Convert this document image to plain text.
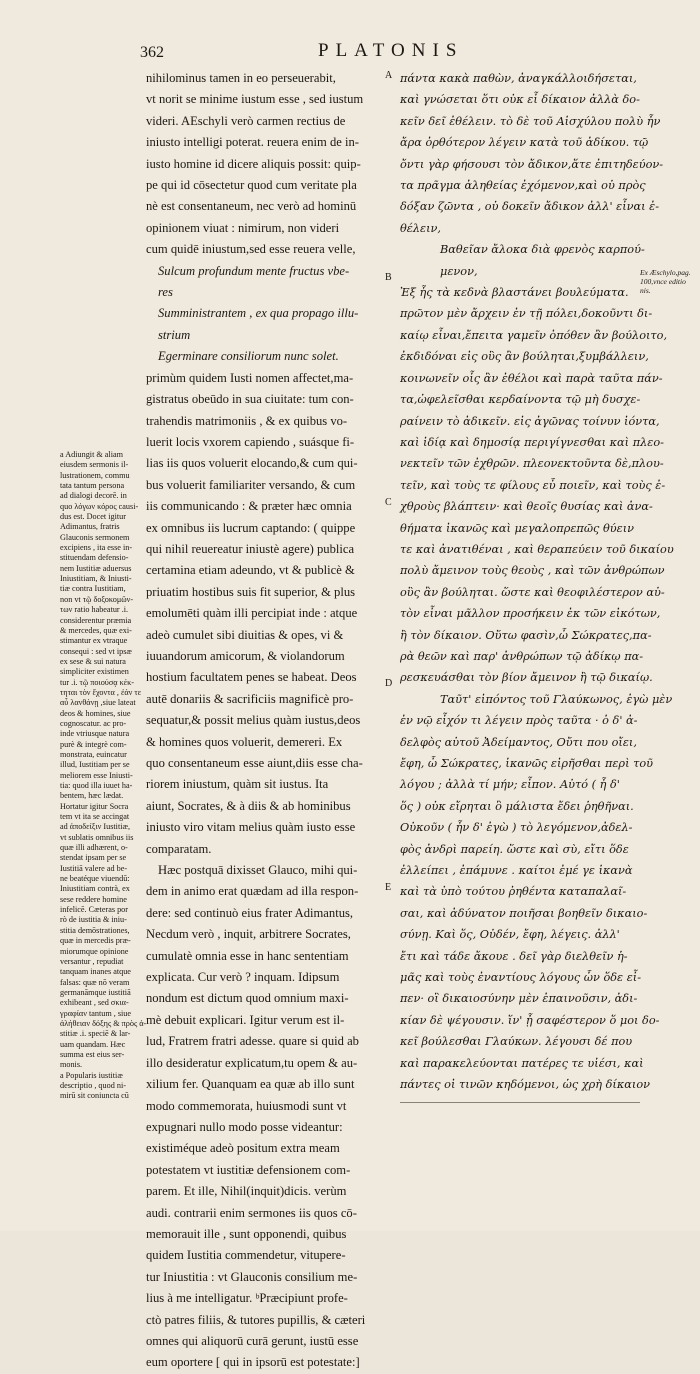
362	PLATONIS
A
B
C
D
E
a Adiungit & aliam
eiusdem sermonis il-
lustrationem, commu
tata tantum persona
ad dialogi decorē. in
quo λόγων κόρος causi-
dus est. Docet igitur
Adimantus, fratris
Glauconis sermonem
excipiens , ita esse in-
stituendam defensio-
nem Iustitiæ aduersus
Iniustitiam, & Iniusti-
tiæ contra Iustitiam,
non vt τῷ δοξοκομῶν-
των ratio habeatur .i.
considerentur præmia
& mercedes, quæ exi-
stimantur ex vtraque
consequi : sed vt ipsæ
ex sese & sui natura
simpliciter existimen
tur .i. τῷ ποιούσᾳ κέκ-
τηται τὸν ἔχοντα , ἐάν τε
αὖ λανθάνῃ ,siue lateat
deos & homines, siue
cognoscatur. ac pro-
inde vtriusque natura
purè & integrè com-
monstrata, euincatur
illud, Iustitiam per se
meliorem esse Iniusti-
tia: quod illa iuuet ha-
bentem, hæc lædat.
Hortatur igitur Socra
tem vt ita se accingat
ad ἀποδείξιν Iustitiæ,
vt sublatis omnibus iis
quæ illi adhærent, o-
stendat ipsam per se
Iustitiā valere ad be-
ne beatéque viuendū:
Iniustitiam contrà, ex
sese reddere homine
infelicē. Cæteras por
rò de iustitia & iniu-
stitia demōstrationes,
quæ in mercedis præ-
miorumque opinione
versantur , repudiat
tanquam inanes atque
falsas: quæ nō veram
germanāmque iustitiā
exhibeant , sed σκια-
γραφίαν tantum , siue
ἀλήθειαν δόξης & πρὸς ἀ-
stitiæ .i. speciē & lar-
uam quandam. Hæc
summa est eius ser-
monis.
a Popularis iustitiæ
descriptio , quod ni-
mirū sit coniuncta cū
nihilominus tamen in eo perseuerabit,
vt norit se minime iustum esse , sed iustum
videri. AEschyli verò carmen rectius de
iniusto intelligi poterat. reuera enim de in-
iusto homine id dicere aliquis possit: quip-
pe qui id cōsectetur quod cum veritate pla
nè est consentaneum, nec verò ad hominū
opinionem viuat : nimirum, non videri
cum quidē iniustum,sed esse reuera velle,
Sulcum profundum mente fructus vbe-
res
Sumministrantem , ex qua propago illu-
strium
Egerminare consiliorum nunc solet.
primùm quidem Iusti nomen affectet,ma-
gistratus obeūdo in sua ciuitate: tum con-
trahendis matrimoniis , & ex quibus vo-
luerit locis vxorem capiendo , suásque fi-
lias iis quos voluerit elocando,& cum qui-
bus voluerit familiariter versando, & cum
iis communicando : & præter hæc omnia
ex omnibus iis lucrum captando: ( quippe
qui nihil reuereatur iniustè agere) publica
certamina etiam adeundo, vt & publicè &
priuatim hostibus suis fit superior, & plus
emolumēti quàm illi percipiat inde : atque
adeò cumulet sibi diuitias & opes, vi &
iuuandorum amicorum, & violandorum
hostium facultatem penes se habeat. Deos
autē donariis & sacrificiis magnificè pro-
sequatur,& possit melius quàm iustus,deos
& homines quos voluerit, demereri. Ex
quo consentaneum esse aiunt,diis esse cha-
riorem iniustum, quàm sit iustus. Ita
aiunt, Socrates, & à diis & ab hominibus
iniusto viro vitam melius quàm iusto esse
comparatam.
Hæc postquā dixisset Glauco, mihi qui-
dem in animo erat quædam ad illa respon-
dere: sed continuò eius frater Adimantus,
Necdum verò , inquit, arbitrere Socrates,
cumulatè omnia esse in hanc sententiam
explicata. Cur verò ? inquam. Idipsum
nondum est dictum quod omnium maxi-
mè debuit explicari. Igitur verum est il-
lud, Fratrem fratri adesse. quare si quid ab
illo desideratur explicatum,tu opem & au-
xilium fer. Quanquam ea quæ ab illo sunt
modo commemorata, huiusmodi sunt vt
expugnari nullo modo posse videantur:
existiméque adeò positum extra meam
potestatem vt iustitiæ defensionem com-
parem. Et ille, Nihil(inquit)dicis. verùm
audi. contrarii enim sermones iis quos cō-
memorauit ille , sunt opponendi, quibus
quidem Iustitia commendetur, vitupere-
tur Iniustitia : vt Glauconis consilium me-
lius à me intelligatur. ᵇPræcipiunt profe-
ctò patres filiis, & tutores pupillis, & cæteri
omnes qui aliquorū curā gerunt, iustū esse
eum oportere [ qui in ipsorū est potestate:]
πάντα κακὰ παθὼν, ἀναγκάλλοιδήσεται,
καὶ γνώσεται ὅτι οὐκ εἶ δίκαιον ἀλλὰ δο-
κεῖν δεῖ ἐθέλειν. τὸ δὲ τοῦ Αἰσχύλου πολὺ ἦν
ἄρα ὀρθότερον λέγειν κατὰ τοῦ ἀδίκου. τῷ
ὄντι γὰρ φήσουσι τὸν ἄδικον,ἅτε ἐπιτηδεύον-
τα πρᾶγμα ἀληθείας ἐχόμενον,καὶ οὐ πρὸς
δόξαν ζῶντα , οὐ δοκεῖν ἄδικον ἀλλ' εἶναι ἐ-
θέλειν,
Βαθεῖαν ἄλοκα διὰ φρενὸς καρπού-
μενον,
Ἐξ ἧς τὰ κεδνὰ βλαστάνει βουλεύματα.
πρῶτον μὲν ἄρχειν ἐν τῇ πόλει,δοκοῦντι δι-
καίῳ εἶναι,ἔπειτα γαμεῖν ὁπόθεν ἂν βούλοιτο,
ἐκδιδόναι εἰς οὓς ἂν βούληται,ξυμβάλλειν,
κοινωνεῖν οἷς ἂν ἐθέλοι καὶ παρὰ ταῦτα πάν-
τα,ὠφελεῖσθαι κερδαίνοντα τῷ μὴ δυσχε-
ραίνειν τὸ ἀδικεῖν. εἰς ἀγῶνας τοίνυν ἰόντα,
καὶ ἰδίᾳ καὶ δημοσίᾳ περιγίγνεσθαι καὶ πλεο-
νεκτεῖν τῶν ἐχθρῶν. πλεονεκτοῦντα δὲ,πλου-
τεῖν, καὶ τοὺς τε φίλους εὖ ποιεῖν, καὶ τοὺς ἐ-
χθροὺς βλάπτειν· καὶ θεοῖς θυσίας καὶ ἀνα-
θήματα ἱκανῶς καὶ μεγαλοπρεπῶς θύειν
τε καὶ ἀνατιθέναι , καὶ θεραπεύειν τοῦ δικαίου
πολὺ ἄμεινον τοὺς θεοὺς , καὶ τῶν ἀνθρώπων
οὓς ἂν βούληται. ὥστε καὶ θεοφιλέστερον αὐ-
τὸν εἶναι μᾶλλον προσήκειν ἐκ τῶν εἰκότων,
ἢ τὸν δίκαιον. Οὕτω φασὶν,ὦ Σώκρατες,πα-
ρὰ θεῶν καὶ παρ' ἀνθρώπων τῷ ἀδίκῳ πα-
ρεσκευάσθαι τὸν βίον ἄμεινον ἢ τῷ δικαίῳ.
Ταῦτ' εἰπόντος τοῦ Γλαύκωνος, ἐγὼ μὲν
ἐν νῷ εἶχόν τι λέγειν πρὸς ταῦτα · ὁ δ' ἀ-
δελφὸς αὐτοῦ Ἀδείμαντος, Οὔτι που οἴει,
ἔφη, ὦ Σώκρατες, ἱκανῶς εἰρῆσθαι περὶ τοῦ
λόγου ; ἀλλὰ τί μήν; εἶπον. Αὐτό ( ἦ δ'
ὅς ) οὐκ εἴρηται ὃ μάλιστα ἔδει ῥηθῆναι.
Οὐκοῦν ( ἦν δ' ἐγὼ ) τὸ λεγόμενον,ἀδελ-
φὸς ἀνδρὶ παρείη. ὥστε καὶ σὺ, εἴτι ὅδε
ἐλλείπει , ἐπάμυνε . καίτοι ἐμέ γε ἱκανὰ
καὶ τὰ ὑπὸ τούτου ῥηθέντα καταπαλαῖ-
σαι, καὶ ἀδύνατον ποιῆσαι βοηθεῖν δικαιο-
σύνῃ. Καὶ ὅς, Οὐδέν, ἔφη, λέγεις. ἀλλ'
ἔτι καὶ τάδε ἄκουε . δεῖ γὰρ διελθεῖν ἡ-
μᾶς καὶ τοὺς ἐναντίους λόγους ὧν ὅδε εἶ-
πεν· οἳ δικαιοσύνην μὲν ἐπαινοῦσιν, ἀδι-
κίαν δὲ ψέγουσιν. ἵν' ᾖ σαφέστερον ὅ μοι δο-
κεῖ βούλεσθαι Γλαύκων. λέγουσι δέ που
καὶ παρακελεύονται πατέρες τε υἱέσι, καὶ
πάντες οἱ τινῶν κηδόμενοι, ὡς χρὴ δίκαιον
Ex Æschylo,pag.
100,vnce editio
nis.
